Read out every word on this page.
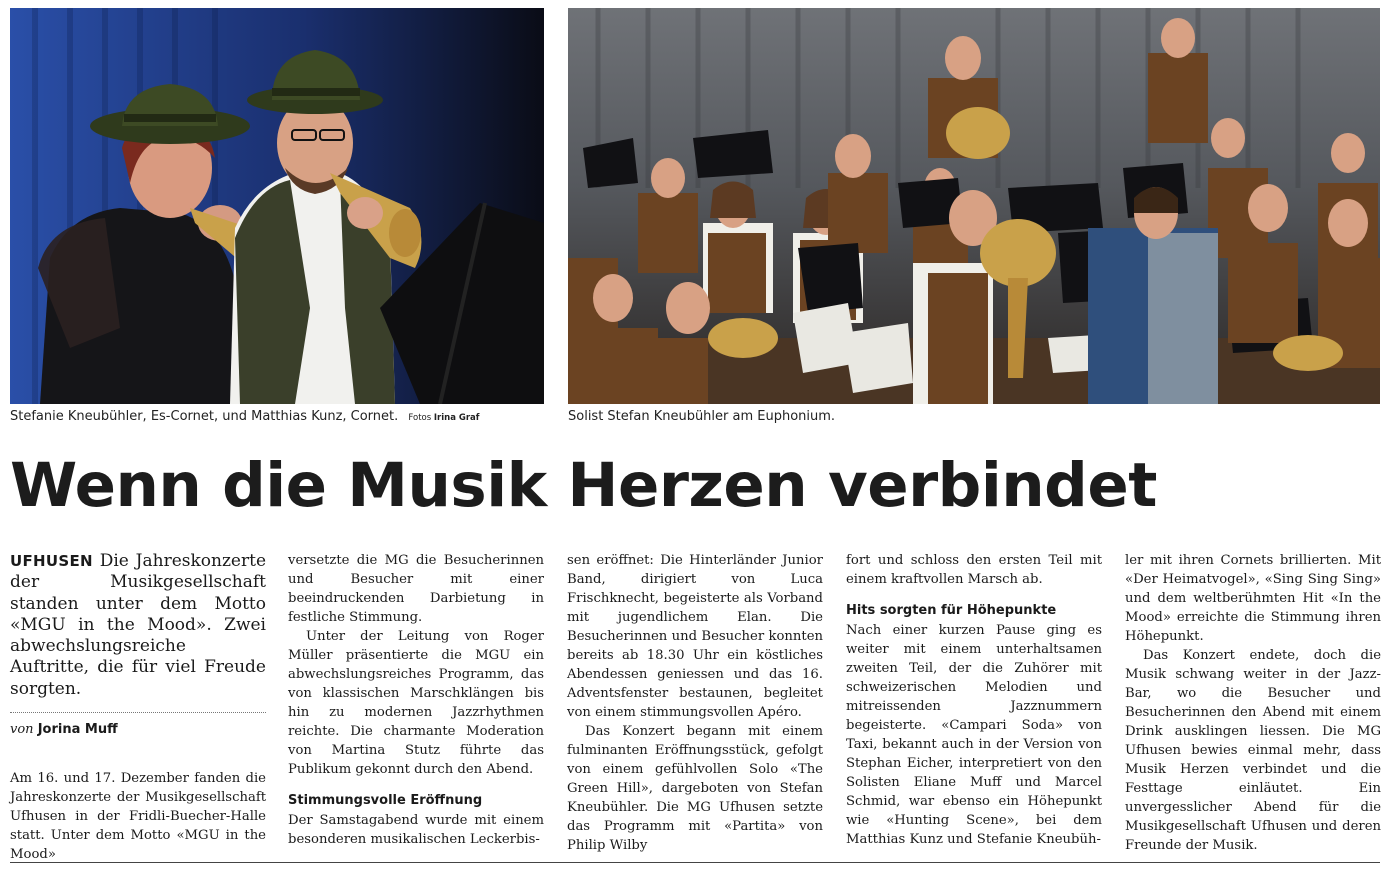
Stefanie Kneubühler, Es-Cornet, und Matthias Kunz, Cornet. Fotos Irina Graf	Solist Stefan Kneubühler am Euphonium.
Wenn die Musik Herzen verbindet

UFHUSEN Die Jahreskonzerte der Musikgesellschaft standen unter dem Motto «MGU in the Mood». Zwei abwechslungsreiche Auftritte, die für viel Freude sorgten.

von Jorina Muff

Am 16. und 17. Dezember fanden die Jahreskonzerte der Musikgesellschaft Ufhusen in der Fridli-Buecher-Halle statt. Unter dem Motto «MGU in the Mood»

versetzte die MG die Besucherinnen und Besucher mit einer beeindruckenden Darbietung in festliche Stimmung.

Unter der Leitung von Roger Müller präsentierte die MGU ein abwechslungsreiches Programm, das von klassischen Marschklängen bis hin zu modernen Jazzrhythmen reichte. Die charmante Moderation von Martina Stutz führte das Publikum gekonnt durch den Abend.

Stimmungsvolle Eröffnung

Der Samstagabend wurde mit einem besonderen musikalischen Leckerbis-

sen eröffnet: Die Hinterländer Junior Band, dirigiert von Luca Frischknecht, begeisterte als Vorband mit jugendlichem Elan. Die Besucherinnen und Besucher konnten bereits ab 18.30 Uhr ein köstliches Abendessen geniessen und das 16. Adventsfenster bestaunen, begleitet von einem stimmungsvollen Apéro.

Das Konzert begann mit einem fulminanten Eröffnungsstück, gefolgt von einem gefühlvollen Solo «The Green Hill», dargeboten von Stefan Kneubühler. Die MG Ufhusen setzte das Programm mit «Partita» von Philip Wilby

fort und schloss den ersten Teil mit einem kraftvollen Marsch ab.

Hits sorgten für Höhepunkte

Nach einer kurzen Pause ging es weiter mit einem unterhaltsamen zweiten Teil, der die Zuhörer mit schweizerischen Melodien und mitreissenden Jazznummern begeisterte. «Campari Soda» von Taxi, bekannt auch in der Version von Stephan Eicher, interpretiert von den Solisten Eliane Muff und Marcel Schmid, war ebenso ein Höhepunkt wie «Hunting Scene», bei dem Matthias Kunz und Stefanie Kneubüh-

ler mit ihren Cornets brillierten. Mit «Der Heimatvogel», «Sing Sing Sing» und dem weltberühmten Hit «In the Mood» erreichte die Stimmung ihren Höhepunkt.

Das Konzert endete, doch die Musik schwang weiter in der Jazz-Bar, wo die Besucher und Besucherinnen den Abend mit einem Drink ausklingen liessen. Die MG Ufhusen bewies einmal mehr, dass Musik Herzen verbindet und die Festtage einläutet. Ein unvergesslicher Abend für die Musikgesellschaft Ufhusen und deren Freunde der Musik.
